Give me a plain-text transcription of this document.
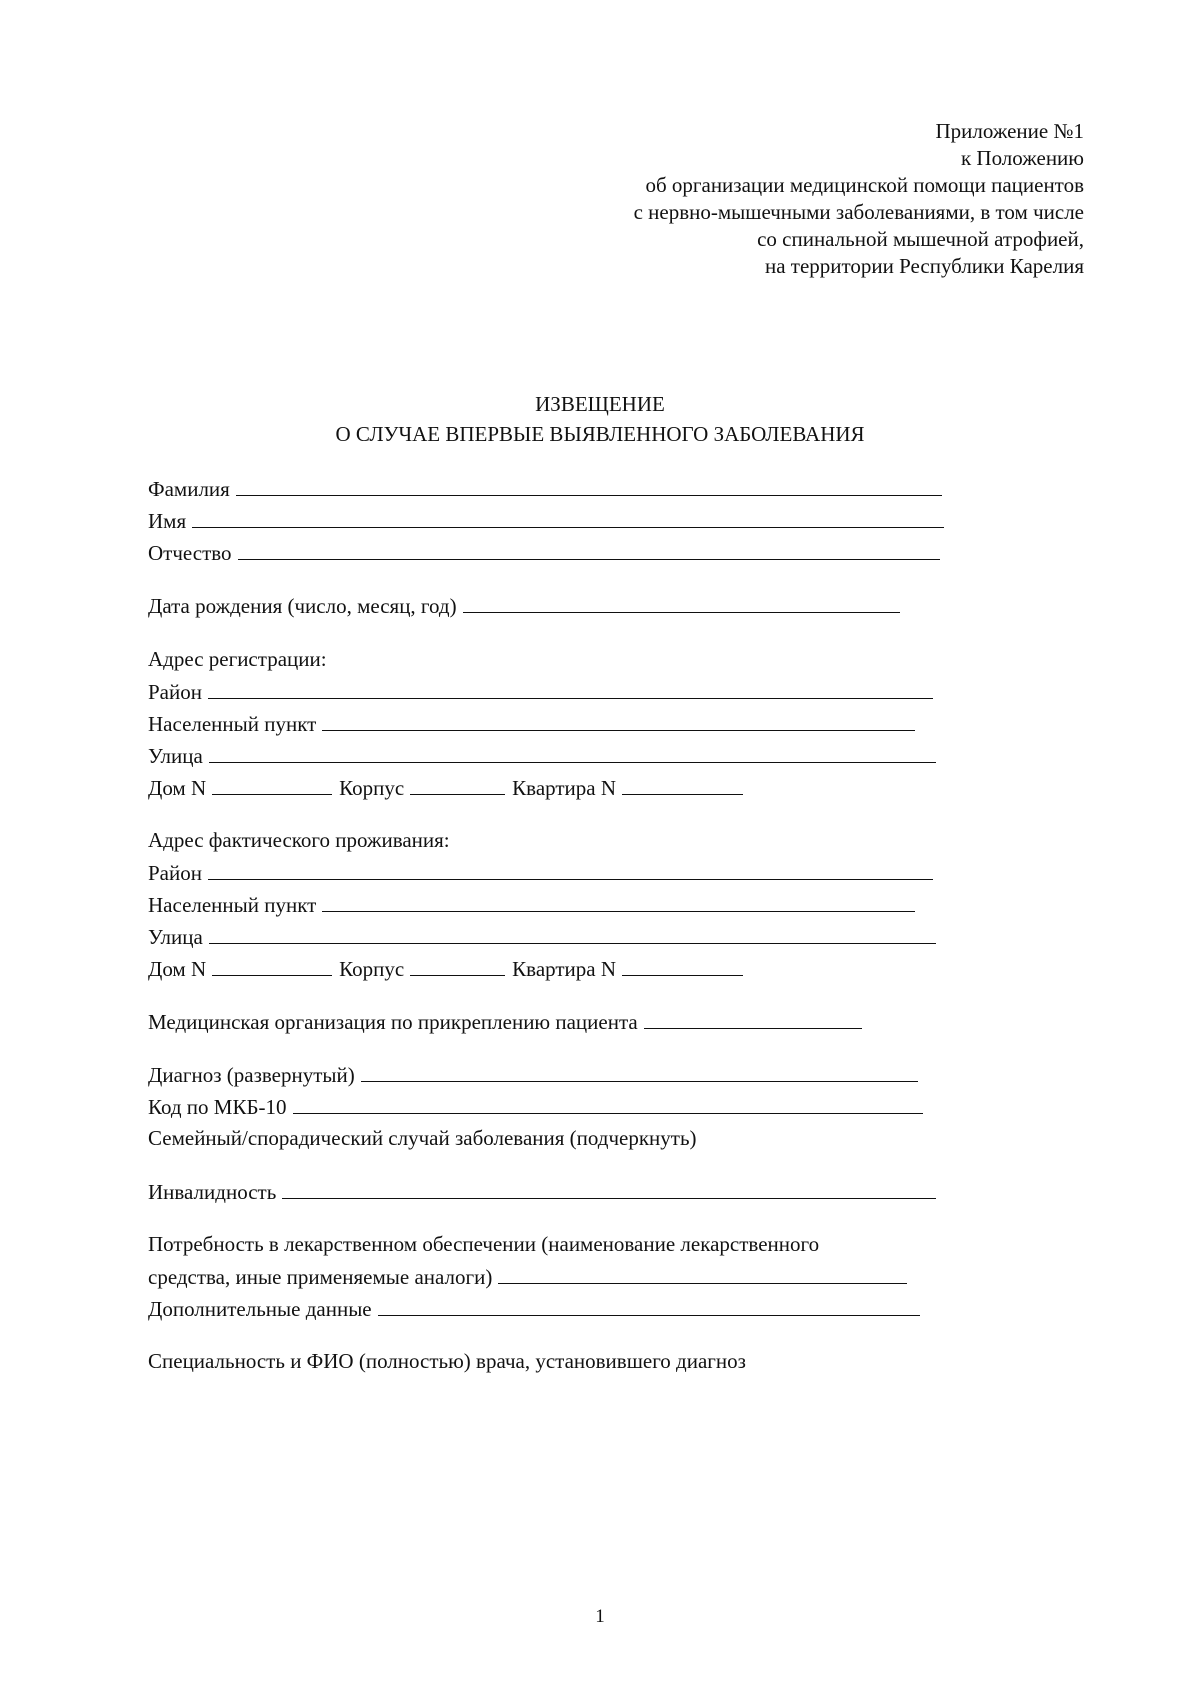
Приложение №1
к Положению
об организации медицинской помощи пациентов
с нервно-мышечными заболеваниями, в том числе
со спинальной мышечной атрофией,
на территории Республики Карелия
ИЗВЕЩЕНИЕ
О СЛУЧАЕ ВПЕРВЫЕ ВЫЯВЛЕННОГО ЗАБОЛЕВАНИЯ
Фамилия
Имя
Отчество
Дата рождения (число, месяц, год)
Адрес регистрации:
Район
Населенный пункт
Улица
Дом N	Корпус	Квартира N
Адрес фактического проживания:
Район
Населенный пункт
Улица
Дом N	Корпус	Квартира N
Медицинская организация по прикреплению пациента
Диагноз (развернутый)
Код по МКБ-10
Семейный/спорадический случай заболевания (подчеркнуть)
Инвалидность
Потребность в лекарственном обеспечении (наименование лекарственного
средства, иные применяемые аналоги)
Дополнительные данные
Специальность и ФИО (полностью) врача, установившего диагноз
1
